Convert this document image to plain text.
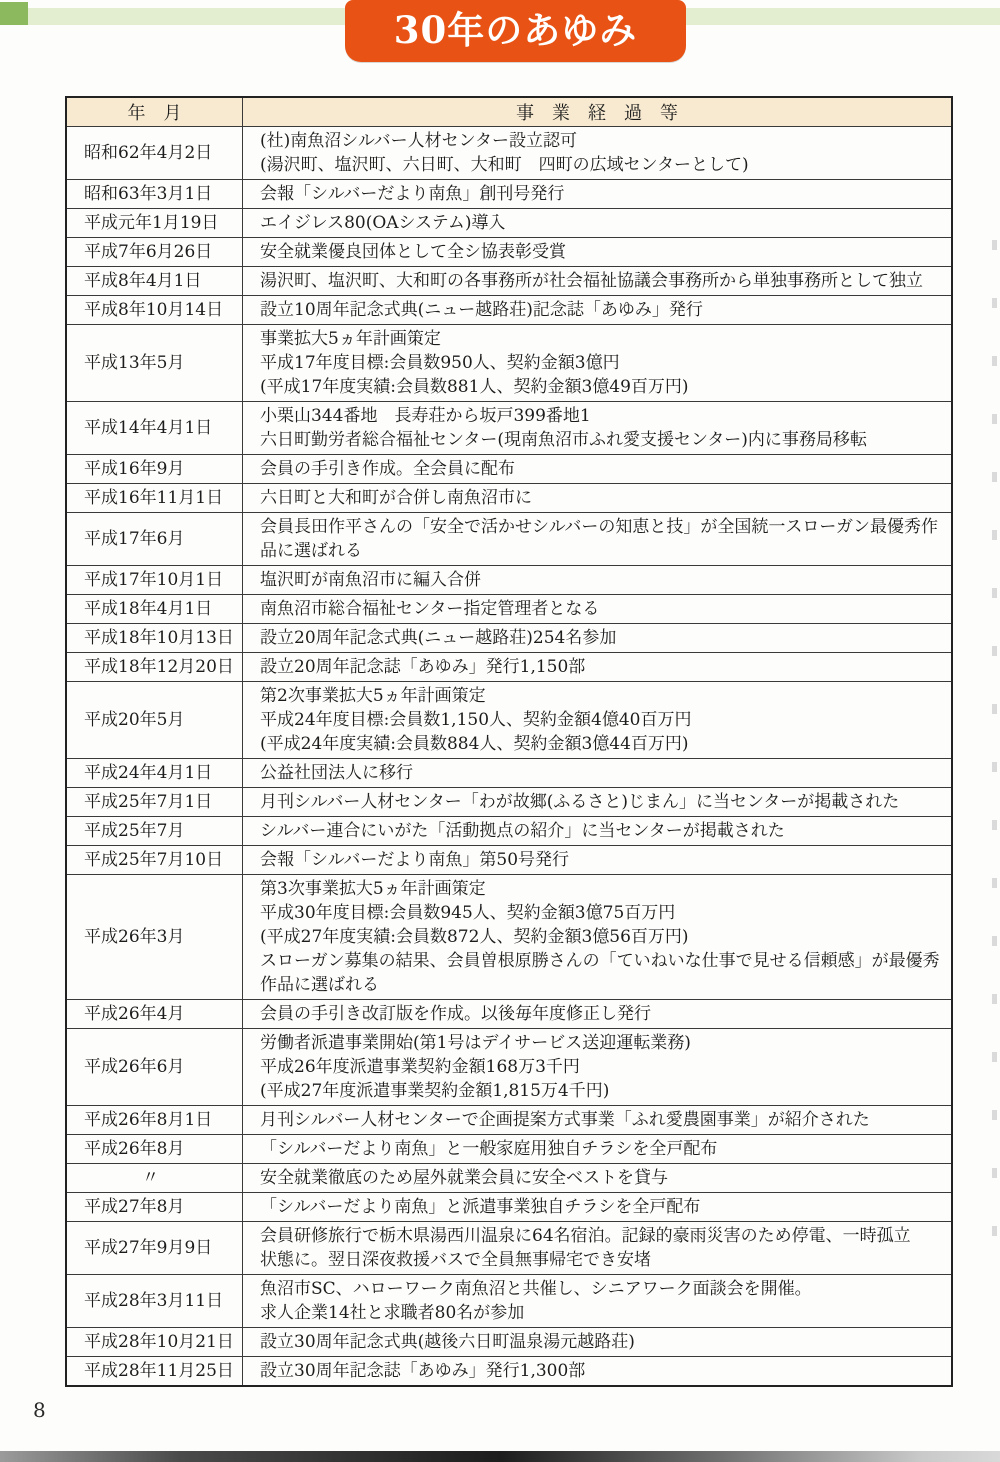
30年のあゆみ
年　月	事　業　経　過　等
昭和62年4月2日	(社)南魚沼シルバー人材センター設立認可
(湯沢町、塩沢町、六日町、大和町　四町の広域センターとして)
昭和63年3月1日	会報「シルバーだより南魚」創刊号発行
平成元年1月19日	エイジレス80(OAシステム)導入
平成7年6月26日	安全就業優良団体として全シ協表彰受賞
平成8年4月1日	湯沢町、塩沢町、大和町の各事務所が社会福祉協議会事務所から単独事務所として独立
平成8年10月14日	設立10周年記念式典(ニュー越路荘)記念誌「あゆみ」発行
平成13年5月	事業拡大5ヵ年計画策定
平成17年度目標:会員数950人、契約金額3億円
(平成17年度実績:会員数881人、契約金額3億49百万円)
平成14年4月1日	小栗山344番地　長寿荘から坂戸399番地1
六日町勤労者総合福祉センター(現南魚沼市ふれ愛支援センター)内に事務局移転
平成16年9月	会員の手引き作成。全会員に配布
平成16年11月1日	六日町と大和町が合併し南魚沼市に
平成17年6月	会員長田作平さんの「安全で活かせシルバーの知恵と技」が全国統一スローガン最優秀作
品に選ばれる
平成17年10月1日	塩沢町が南魚沼市に編入合併
平成18年4月1日	南魚沼市総合福祉センター指定管理者となる
平成18年10月13日	設立20周年記念式典(ニュー越路荘)254名参加
平成18年12月20日	設立20周年記念誌「あゆみ」発行1,150部
平成20年5月	第2次事業拡大5ヵ年計画策定
平成24年度目標:会員数1,150人、契約金額4億40百万円
(平成24年度実績:会員数884人、契約金額3億44百万円)
平成24年4月1日	公益社団法人に移行
平成25年7月1日	月刊シルバー人材センター「わが故郷(ふるさと)じまん」に当センターが掲載された
平成25年7月	シルバー連合にいがた「活動拠点の紹介」に当センターが掲載された
平成25年7月10日	会報「シルバーだより南魚」第50号発行
平成26年3月	第3次事業拡大5ヵ年計画策定
平成30年度目標:会員数945人、契約金額3億75百万円
(平成27年度実績:会員数872人、契約金額3億56百万円)
スローガン募集の結果、会員曽根原勝さんの「ていねいな仕事で見せる信頼感」が最優秀
作品に選ばれる
平成26年4月	会員の手引き改訂版を作成。以後毎年度修正し発行
平成26年6月	労働者派遣事業開始(第1号はデイサービス送迎運転業務)
平成26年度派遣事業契約金額168万3千円
(平成27年度派遣事業契約金額1,815万4千円)
平成26年8月1日	月刊シルバー人材センターで企画提案方式事業「ふれ愛農園事業」が紹介された
平成26年8月	「シルバーだより南魚」と一般家庭用独自チラシを全戸配布
〃	安全就業徹底のため屋外就業会員に安全ベストを貸与
平成27年8月	「シルバーだより南魚」と派遣事業独自チラシを全戸配布
平成27年9月9日	会員研修旅行で栃木県湯西川温泉に64名宿泊。記録的豪雨災害のため停電、一時孤立
状態に。翌日深夜救援バスで全員無事帰宅でき安堵
平成28年3月11日	魚沼市SC、ハローワーク南魚沼と共催し、シニアワーク面談会を開催。
求人企業14社と求職者80名が参加
平成28年10月21日	設立30周年記念式典(越後六日町温泉湯元越路荘)
平成28年11月25日	設立30周年記念誌「あゆみ」発行1,300部
8
